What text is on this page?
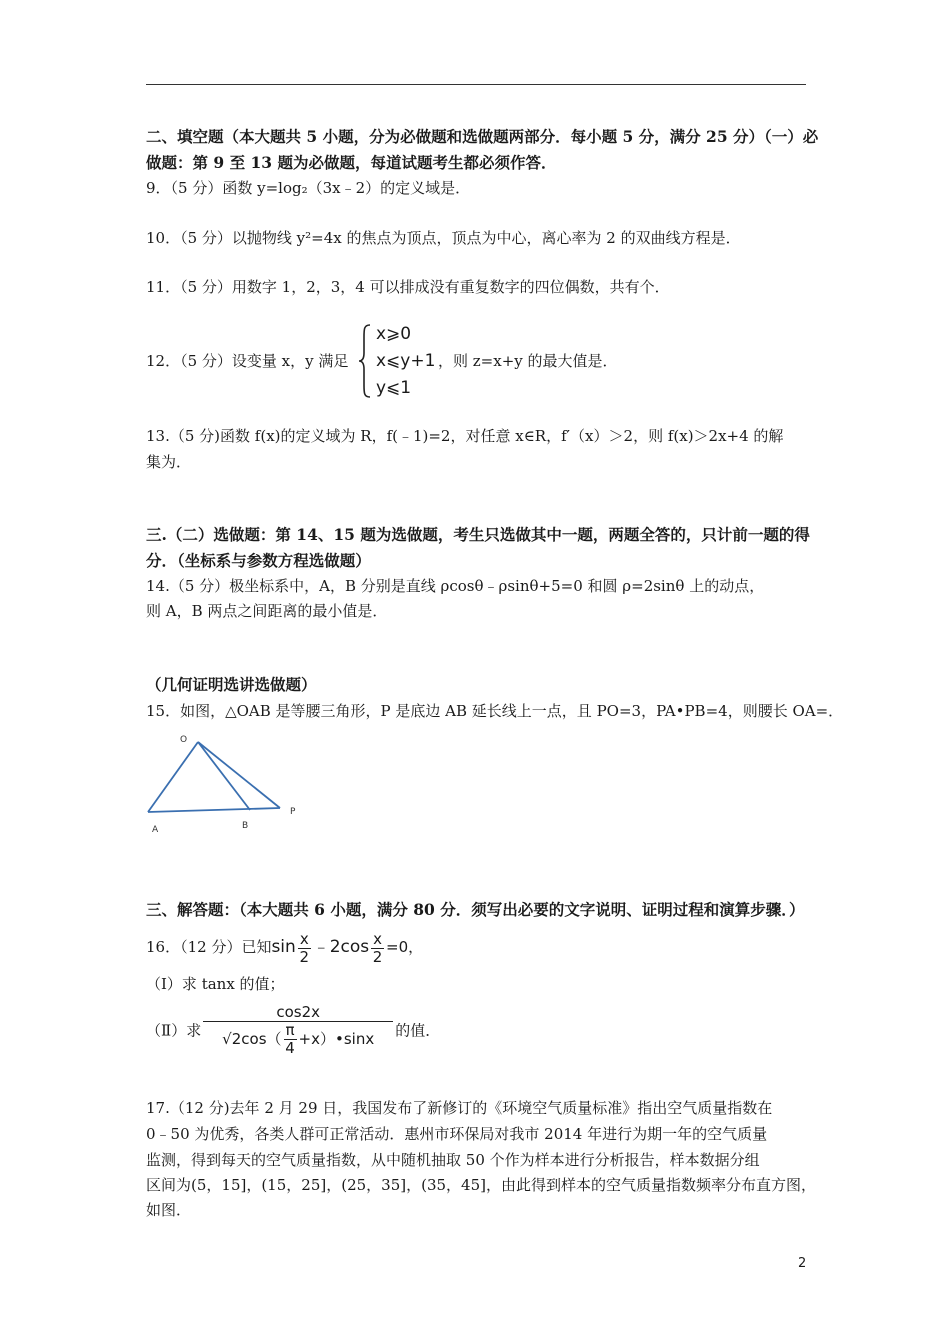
二、填空题（本大题共 5 小题，分为必做题和选做题两部分．每小题 5 分，满分 25 分）（一）必
做题：第 9 至 13 题为必做题，每道试题考生都必须作答．
9．（5 分）函数 y=log₂（3x﹣2）的定义域是．
10．（5 分）以抛物线 y²=4x 的焦点为顶点，顶点为中心，离心率为 2 的双曲线方程是．
11．（5 分）用数字 1，2，3，4 可以排成没有重复数字的四位偶数，共有个．
12．（5 分）设变量 x，y 满足
x⩾0
x⩽y+1
y⩽1
，则 z=x+y 的最大值是．
13.（5 分)函数 f(x)的定义域为 R，f(﹣1)=2，对任意 x∈R，f′（x）＞2，则 f(x)＞2x+4 的解
集为．
三.（二）选做题：第 14、15 题为选做题，考生只选做其中一题，两题全答的，只计前一题的得
分．（坐标系与参数方程选做题）
14.（5 分）极坐标系中，A，B 分别是直线 ρcosθ﹣ρsinθ+5=0 和圆 ρ=2sinθ 上的动点，
则 A，B 两点之间距离的最小值是．
（几何证明选讲选做题）
15．如图，△OAB 是等腰三角形，P 是底边 AB 延长线上一点，且 PO=3，PA•PB=4，则腰长 OA=．
O
A	B
P
三、解答题：（本大题共 6 小题，满分 80 分．须写出必要的文字说明、证明过程和演算步骤．）
16．（12 分）已知$\sin \frac{x}{2}$ ﹣2cos $\frac{x}{2} =0$，
（Ⅰ）求 tanx 的值；
（Ⅱ）求 $\frac{\cos 2x}{√2\cos( \frac{\pi}{4} +x)•\sin x}$ 的值．
17.（12 分)去年 2 月 29 日，我国发布了新修订的《环境空气质量标准》指出空气质量指数在
0﹣50 为优秀，各类人群可正常活动．惠州市环保局对我市 2014 年进行为期一年的空气质量
监测，得到每天的空气质量指数，从中随机抽取 50 个作为样本进行分析报告，样本数据分组
区间为(5，15]，(15，25]，(25，35]，(35，45]，由此得到样本的空气质量指数频率分布直方图，
如图．
2
